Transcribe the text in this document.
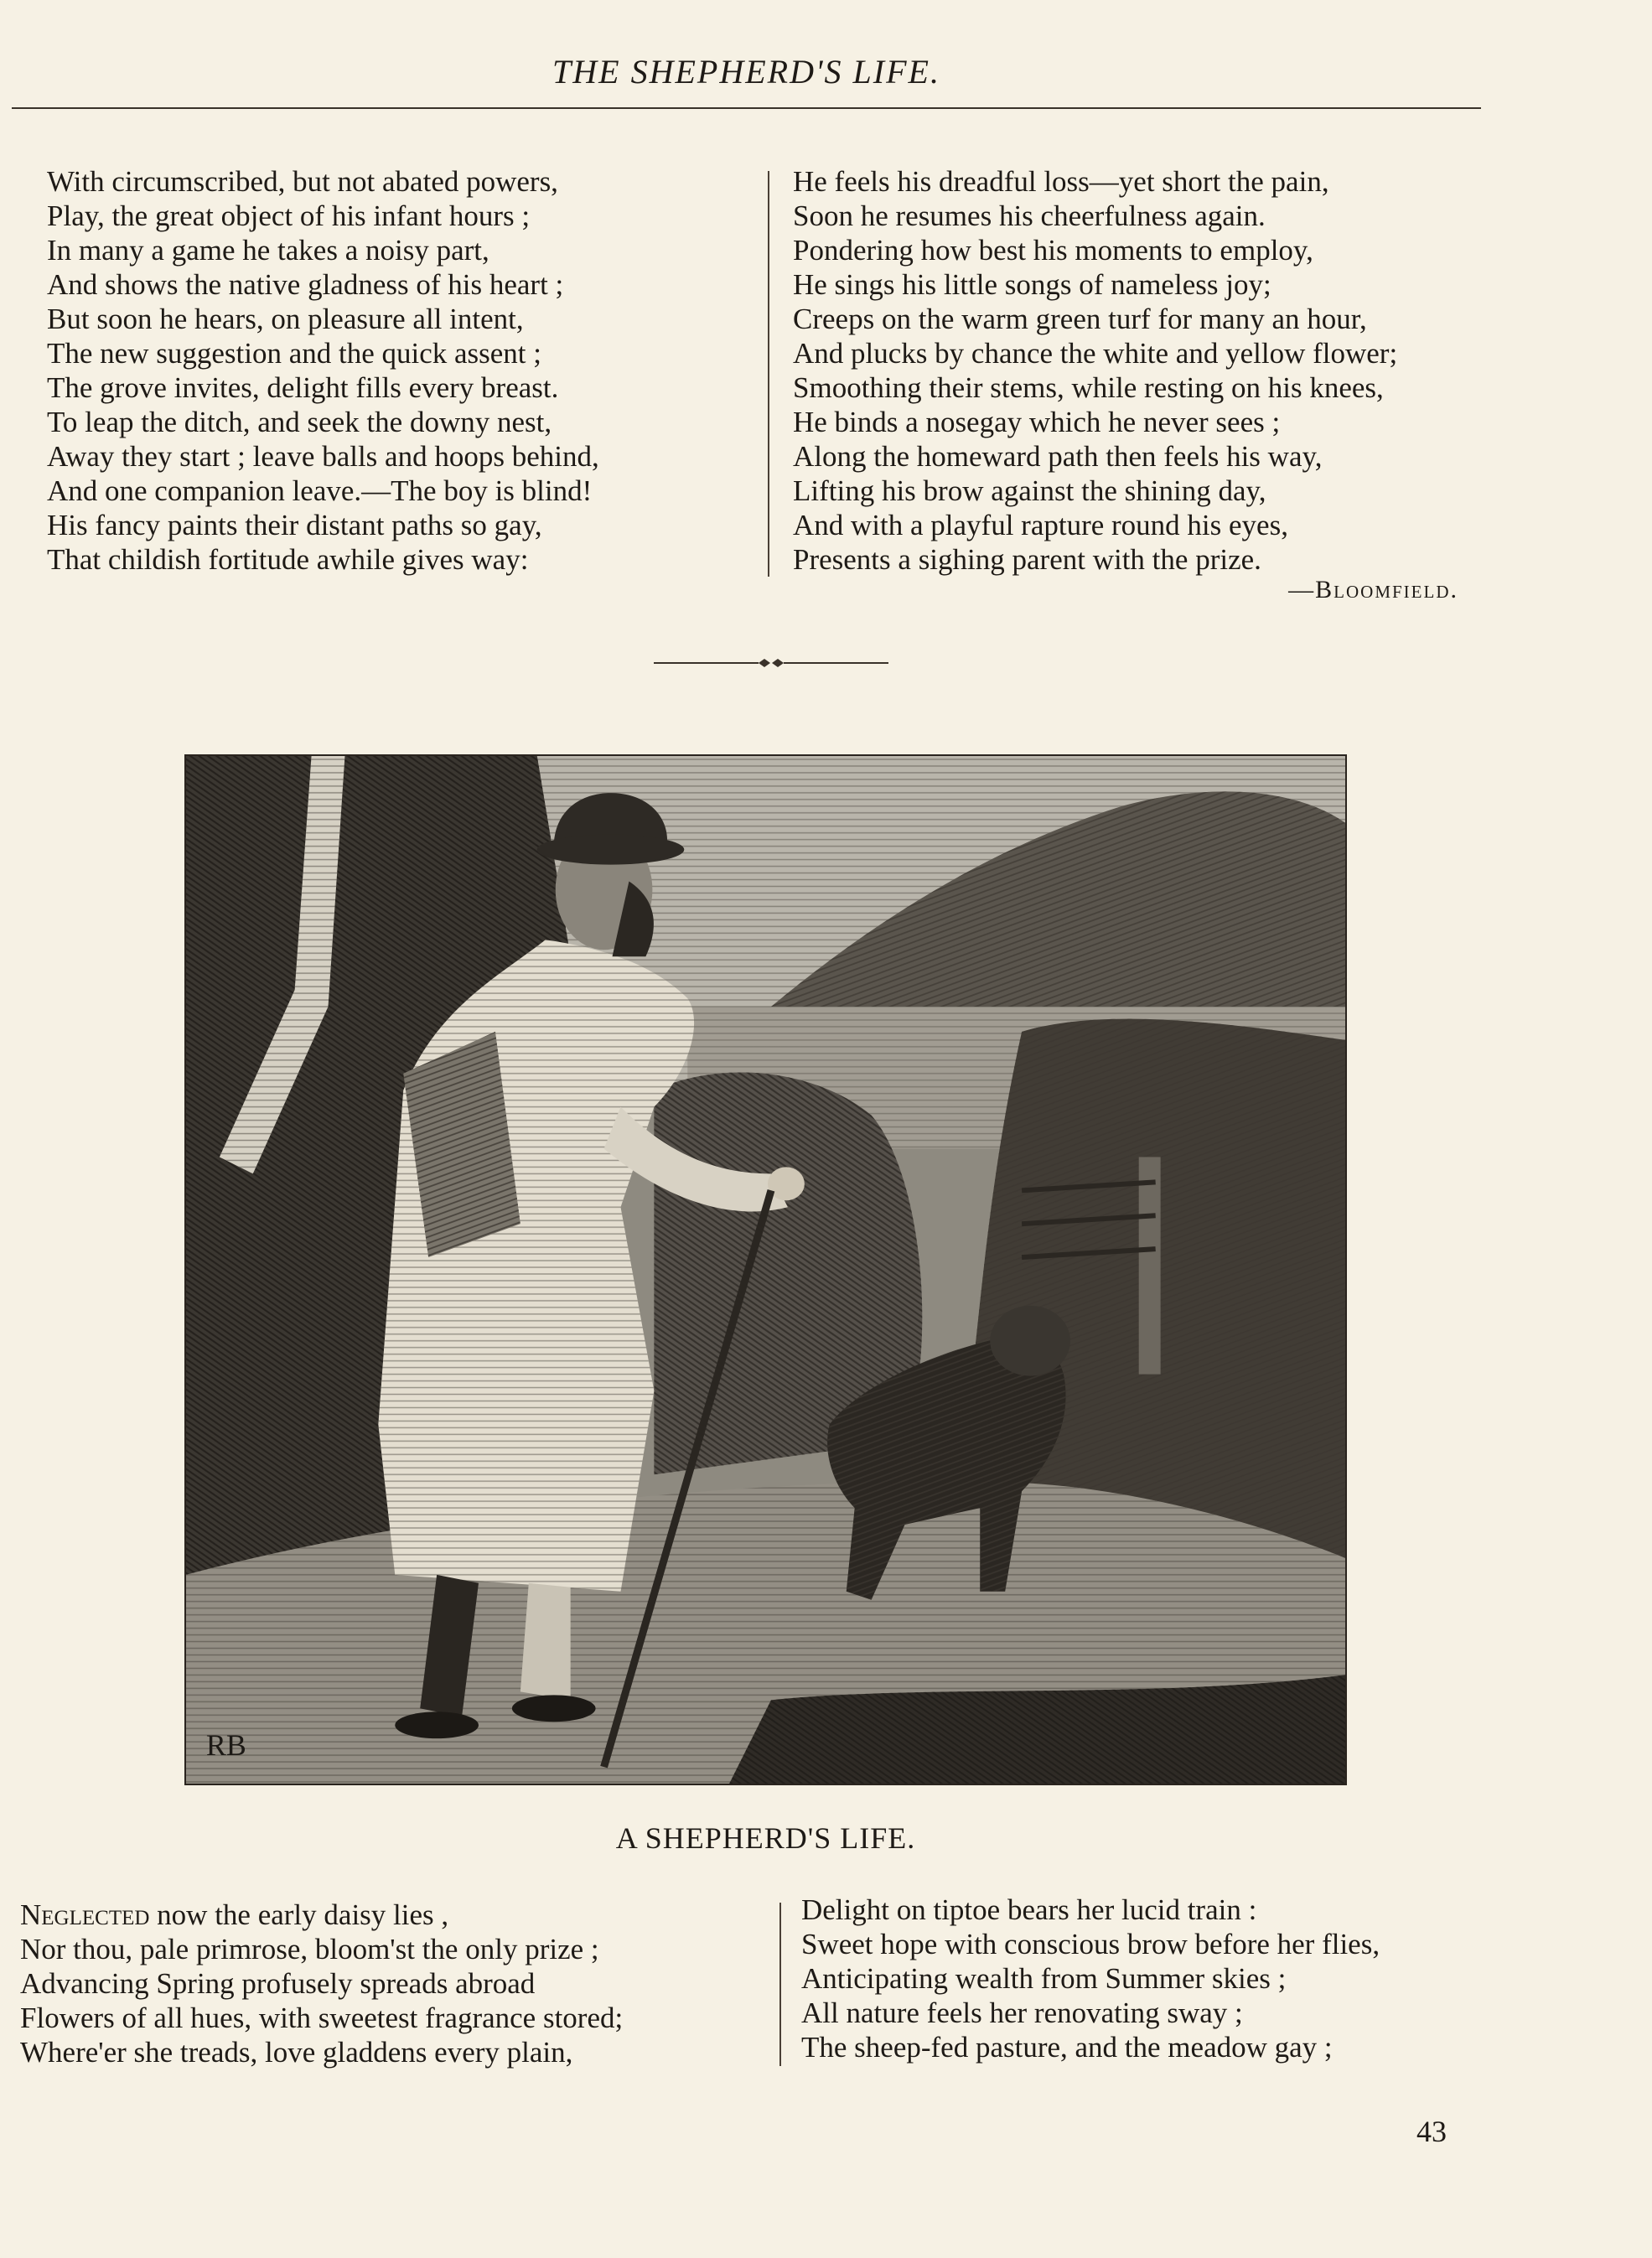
THE SHEPHERD'S LIFE.
With circumscribed, but not abated powers,
Play, the great object of his infant hours ;
In many a game he takes a noisy part,
And shows the native gladness of his heart ;
But soon he hears, on pleasure all intent,
The new suggestion and the quick assent ;
The grove invites, delight fills every breast.
To leap the ditch, and seek the downy nest,
Away they start ; leave balls and hoops behind,
And one companion leave.—The boy is blind!
His fancy paints their distant paths so gay,
That childish fortitude awhile gives way:
He feels his dreadful loss—yet short the pain,
Soon he resumes his cheerfulness again.
Pondering how best his moments to employ,
He sings his little songs of nameless joy;
Creeps on the warm green turf for many an hour,
And plucks by chance the white and yellow flower;
Smoothing their stems, while resting on his knees,
He binds a nosegay which he never sees ;
Along the homeward path then feels his way,
Lifting his brow against the shining day,
And with a playful rapture round his eyes,
Presents a sighing parent with the prize.
—Bloomfield.
RB
A SHEPHERD'S LIFE.
Neglected now the early daisy lies ,
Nor thou, pale primrose, bloom'st the only prize ;
Advancing Spring profusely spreads abroad
Flowers of all hues, with sweetest fragrance stored;
Where'er she treads, love gladdens every plain,
Delight on tiptoe bears her lucid train :
Sweet hope with conscious brow before her flies,
Anticipating wealth from Summer skies ;
All nature feels her renovating sway ;
The sheep-fed pasture, and the meadow gay ;
43
